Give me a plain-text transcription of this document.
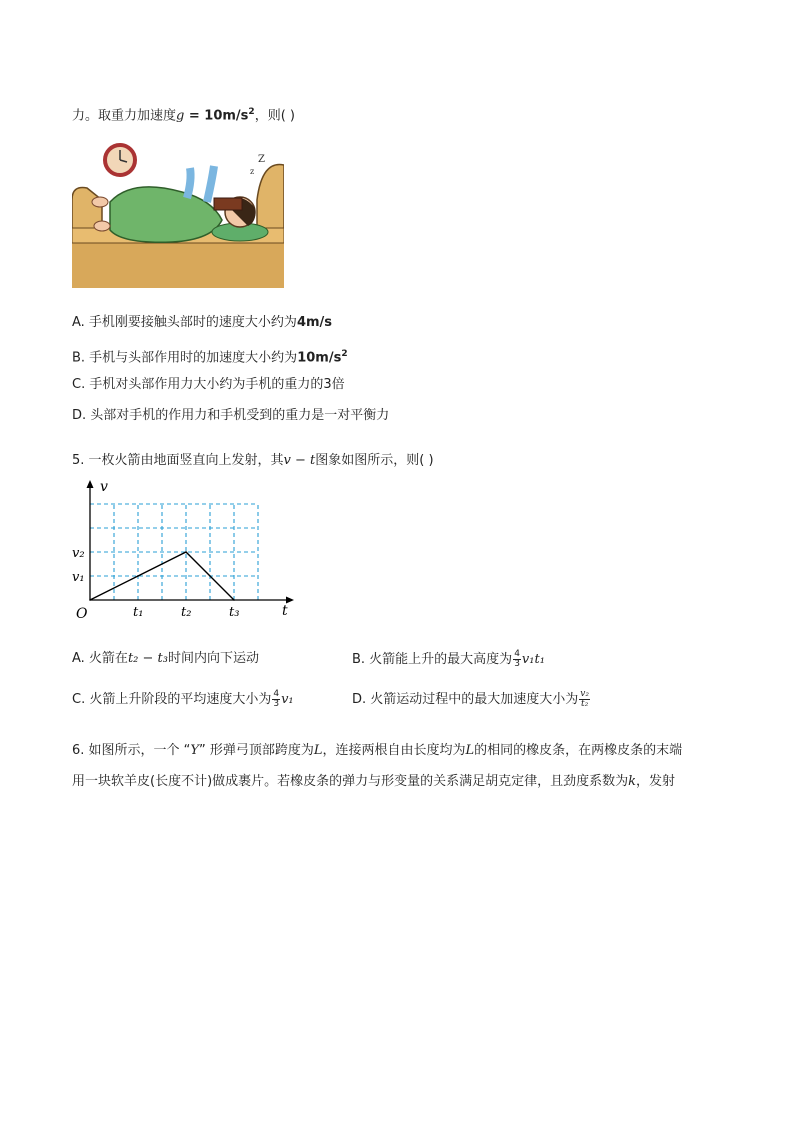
力。取重力加速度$g = 10m/s^2$，则( )
Z
z
A. 手机刚要接触头部时的速度大小约为4m/s
B. 手机与头部作用时的加速度大小约为$10m/s^2$
C. 手机对头部作用力大小约为手机的重力的3倍
D. 头部对手机的作用力和手机受到的重力是一对平衡力
5. 一枚火箭由地面竖直向上发射，其v − t图象如图所示，则( )
v
t
O
v₁
v₂
t₁	t₂	t₃
A. 火箭在t₂ − t₃时间内向下运动	B. 火箭能上升的最大高度为 $\frac{4}{3} v_1t_1$
C. 火箭上升阶段的平均速度大小为 $\frac{4}{3} v_1$	D. 火箭运动过程中的最大加速度大小为 $\frac{\text{v₂}}{\text{t₂}}$
6. 如图所示，一个 “Y” 形弹弓顶部跨度为L，连接两根自由长度均为L的相同的橡皮条，在两橡皮条的末端
用一块软羊皮(长度不计)做成裹片。若橡皮条的弹力与形变量的关系满足胡克定律，且劲度系数为k，发射
